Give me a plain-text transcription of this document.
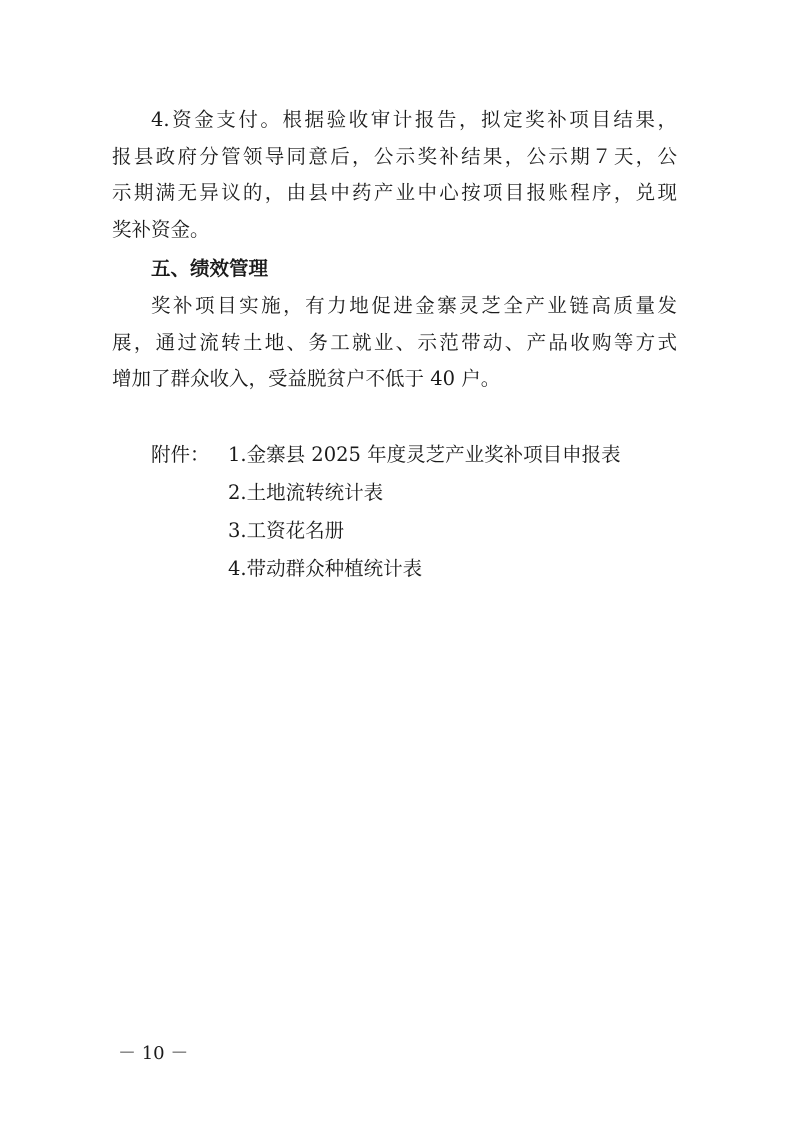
4.资金支付。根据验收审计报告，拟定奖补项目结果，
报县政府分管领导同意后，公示奖补结果，公示期７天，公
示期满无异议的，由县中药产业中心按项目报账程序，兑现
奖补资金。
五、绩效管理
奖补项目实施，有力地促进金寨灵芝全产业链高质量发
展，通过流转土地、务工就业、示范带动、产品收购等方式
增加了群众收入，受益脱贫户不低于 40 户。
附件： 1.金寨县 2025 年度灵芝产业奖补项目申报表
2.土地流转统计表
3.工资花名册
4.带动群众种植统计表
－ 10 －
